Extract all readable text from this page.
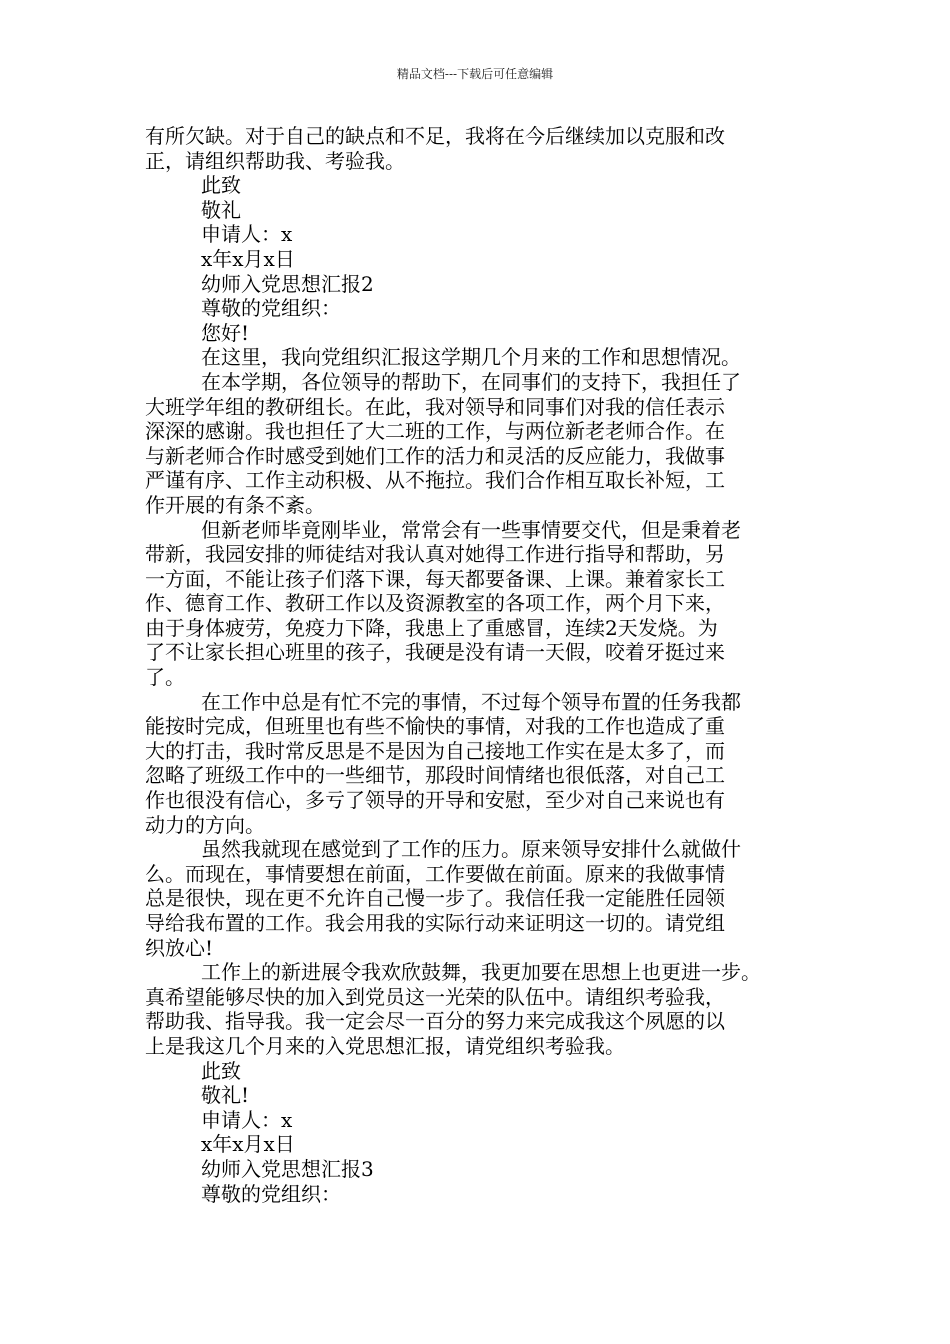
精品文档---下载后可任意编辑

有所欠缺。对于自己的缺点和不足，我将在今后继续加以克服和改

正，请组织帮助我、考验我。

此致

敬礼

申请人：x

x年x月x日

幼师入党思想汇报2

尊敬的党组织：

您好!

在这里，我向党组织汇报这学期几个月来的工作和思想情况。

在本学期，各位领导的帮助下，在同事们的支持下，我担任了

大班学年组的教研组长。在此，我对领导和同事们对我的信任表示

深深的感谢。我也担任了大二班的工作，与两位新老老师合作。在

与新老师合作时感受到她们工作的活力和灵活的反应能力，我做事

严谨有序、工作主动积极、从不拖拉。我们合作相互取长补短，工

作开展的有条不紊。

但新老师毕竟刚毕业，常常会有一些事情要交代，但是秉着老

带新，我园安排的师徒结对我认真对她得工作进行指导和帮助，另

一方面，不能让孩子们落下课，每天都要备课、上课。兼着家长工

作、德育工作、教研工作以及资源教室的各项工作，两个月下来，

由于身体疲劳，免疫力下降，我患上了重感冒，连续2天发烧。为

了不让家长担心班里的孩子，我硬是没有请一天假，咬着牙挺过来

了。

在工作中总是有忙不完的事情，不过每个领导布置的任务我都

能按时完成，但班里也有些不愉快的事情，对我的工作也造成了重

大的打击，我时常反思是不是因为自己接地工作实在是太多了，而

忽略了班级工作中的一些细节，那段时间情绪也很低落，对自己工

作也很没有信心，多亏了领导的开导和安慰，至少对自己来说也有

动力的方向。

虽然我就现在感觉到了工作的压力。原来领导安排什么就做什

么。而现在，事情要想在前面，工作要做在前面。原来的我做事情

总是很快，现在更不允许自己慢一步了。我信任我一定能胜任园领

导给我布置的工作。我会用我的实际行动来证明这一切的。请党组

织放心!

工作上的新进展令我欢欣鼓舞，我更加要在思想上也更进一步。

真希望能够尽快的加入到党员这一光荣的队伍中。请组织考验我，

帮助我、指导我。我一定会尽一百分的努力来完成我这个夙愿的以

上是我这几个月来的入党思想汇报，请党组织考验我。

此致

敬礼!

申请人：x

x年x月x日

幼师入党思想汇报3

尊敬的党组织：
